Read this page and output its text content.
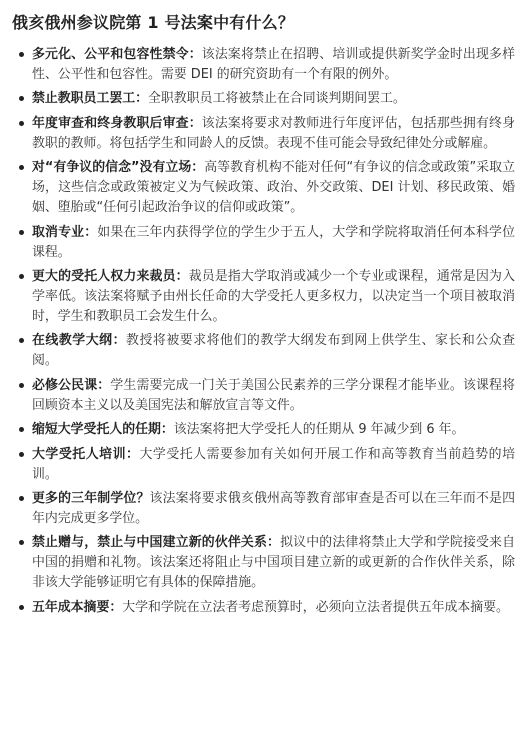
俄亥俄州参议院第 1 号法案中有什么？
多元化、公平和包容性禁令：该法案将禁止在招聘、培训或提供新奖学金时出现多样性、公平性和包容性。需要 DEI 的研究资助有一个有限的例外。
禁止教职员工罢工：全职教职员工将被禁止在合同谈判期间罢工。
年度审查和终身教职后审查：该法案将要求对教师进行年度评估，包括那些拥有终身教职的教师。将包括学生和同龄人的反馈。表现不佳可能会导致纪律处分或解雇。
对“有争议的信念”没有立场：高等教育机构不能对任何“有争议的信念或政策”采取立场，这些信念或政策被定义为气候政策、政治、外交政策、DEI 计划、移民政策、婚姻、堕胎或“任何引起政治争议的信仰或政策”。
取消专业：如果在三年内获得学位的学生少于五人，大学和学院将取消任何本科学位课程。
更大的受托人权力来裁员：裁员是指大学取消或减少一个专业或课程，通常是因为入学率低。该法案将赋予由州长任命的大学受托人更多权力，以决定当一个项目被取消时，学生和教职员工会发生什么。
在线教学大纲：教授将被要求将他们的教学大纲发布到网上供学生、家长和公众查阅。
必修公民课：学生需要完成一门关于美国公民素养的三学分课程才能毕业。该课程将回顾资本主义以及美国宪法和解放宣言等文件。
缩短大学受托人的任期：该法案将把大学受托人的任期从 9 年减少到 6 年。
大学受托人培训：大学受托人需要参加有关如何开展工作和高等教育当前趋势的培训。
更多的三年制学位？该法案将要求俄亥俄州高等教育部审查是否可以在三年而不是四年内完成更多学位。
禁止赠与，禁止与中国建立新的伙伴关系：拟议中的法律将禁止大学和学院接受来自中国的捐赠和礼物。该法案还将阻止与中国项目建立新的或更新的合作伙伴关系，除非该大学能够证明它有具体的保障措施。
五年成本摘要：大学和学院在立法者考虑预算时，必须向立法者提供五年成本摘要。
